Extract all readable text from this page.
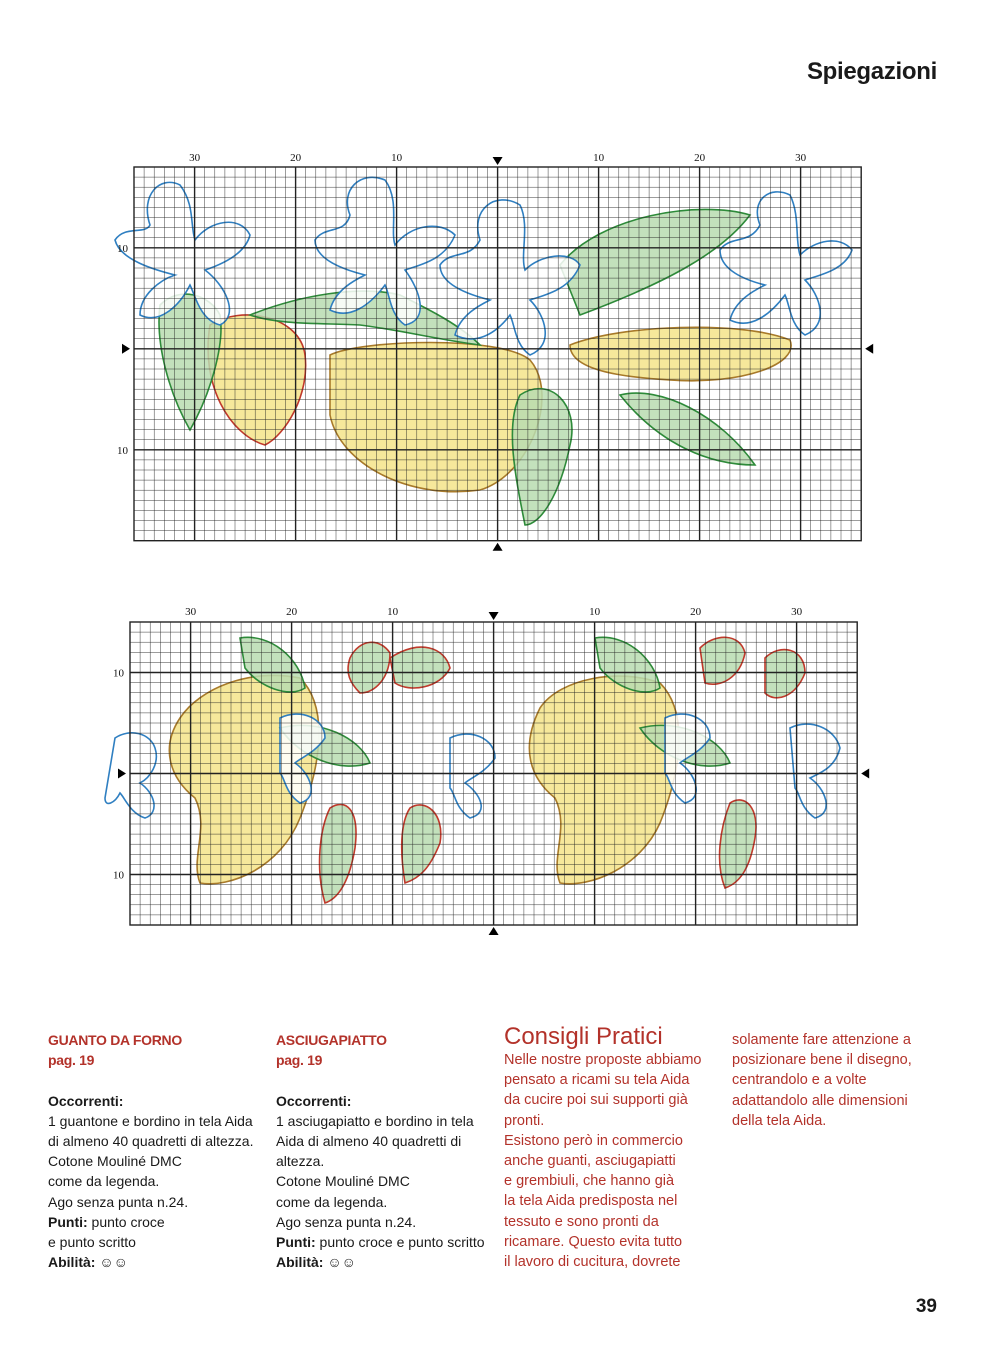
Spiegazioni
30	20	10	10	20	30
10
10
30	20	10	10	20	30
10
10

GUANTO DA FORNO

pag. 19

Occorrenti:

1 guantone e bordino in tela Aida

di almeno 40 quadretti di altezza.

Cotone Mouliné DMC

come da legenda.

Ago senza punta n.24.

Punti: punto croce

e punto scritto

Abilità: ☺☺

ASCIUGAPIATTO

pag. 19

Occorrenti:

1 asciugapiatto e bordino in tela

Aida di almeno 40 quadretti di

altezza.

Cotone Mouliné DMC

come da legenda.

Ago senza punta n.24.

Punti: punto croce e punto scritto

Abilità: ☺☺

Consigli Pratici

Nelle nostre proposte abbiamo

pensato a ricami su tela Aida

da cucire poi sui supporti già

pronti.

Esistono però in commercio

anche guanti, asciugapiatti

e grembiuli, che hanno già

la tela Aida predisposta nel

tessuto e sono pronti da

ricamare. Questo evita tutto

il lavoro di cucitura, dovrete

solamente fare attenzione a

posizionare bene il disegno,

centrandolo e a volte

adattandolo alle dimensioni

della tela Aida.

39
